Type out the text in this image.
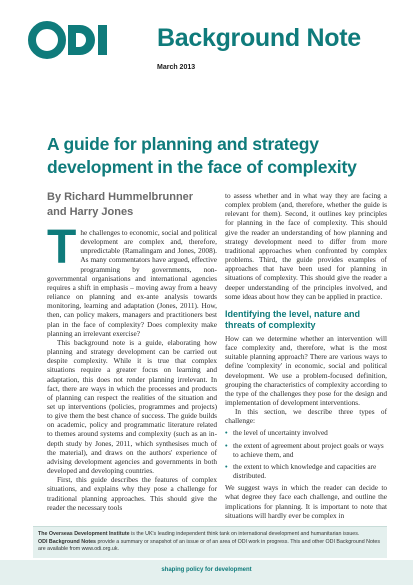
Background Note
March 2013
A guide for planning and strategy development in the face of complexity
By Richard Hummelbrunner
and Harry Jones

The challenges to economic, social and political development are complex and, therefore, unpredictable (Ramalingam and Jones, 2008). As many commentators have argued, effective programming by governments, non-governmental organisations and international agencies requires a shift in emphasis – moving away from a heavy reliance on planning and ex-ante analysis towards monitoring, learning and adaptation (Jones, 2011). How, then, can policy makers, managers and practitioners best plan in the face of complexity? Does complexity make planning an irrelevant exercise?

This background note is a guide, elaborating how planning and strategy development can be carried out despite complexity. While it is true that complex situations require a greater focus on learning and adaptation, this does not render planning irrelevant. In fact, there are ways in which the processes and products of planning can respect the realities of the situation and set up interventions (policies, programmes and projects) to give them the best chance of success. The guide builds on academic, policy and programmatic literature related to themes around systems and complexity (such as an in-depth study by Jones, 2011, which synthesises much of the material), and draws on the authors' experience of advising development agencies and governments in both developed and developing countries.

First, this guide describes the features of complex situations, and explains why they pose a challenge for traditional planning approaches. This should give the reader the necessary tools

to assess whether and in what way they are facing a complex problem (and, therefore, whether the guide is relevant for them). Second, it outlines key principles for planning in the face of complexity. This should give the reader an understanding of how planning and strategy development need to differ from more traditional approaches when confronted by complex problems. Third, the guide provides examples of approaches that have been used for planning in situations of complexity. This should give the reader a deeper understanding of the principles involved, and some ideas about how they can be applied in practice.

Identifying the level, nature and threats of complexity

How can we determine whether an intervention will face complexity and, therefore, what is the most suitable planning approach? There are various ways to define 'complexity' in economic, social and political development. We use a problem-focused definition, grouping the characteristics of complexity according to the type of the challenges they pose for the design and implementation of development interventions.

In this section, we describe three types of challenge:

• the level of uncertainty involved
• the extent of agreement about project goals or ways to achieve them, and
• the extent to which knowledge and capacities are distributed.

We suggest ways in which the reader can decide to what degree they face each challenge, and outline the implications for planning. It is important to note that situations will hardly ever be complex in

The Overseas Development Institute is the UK's leading independent think tank on international development and humanitarian issues.
ODI Background Notes provide a summary or snapshot of an issue or of an area of ODI work in progress. This and other ODI Background Notes are available from www.odi.org.uk.
shaping policy for development
